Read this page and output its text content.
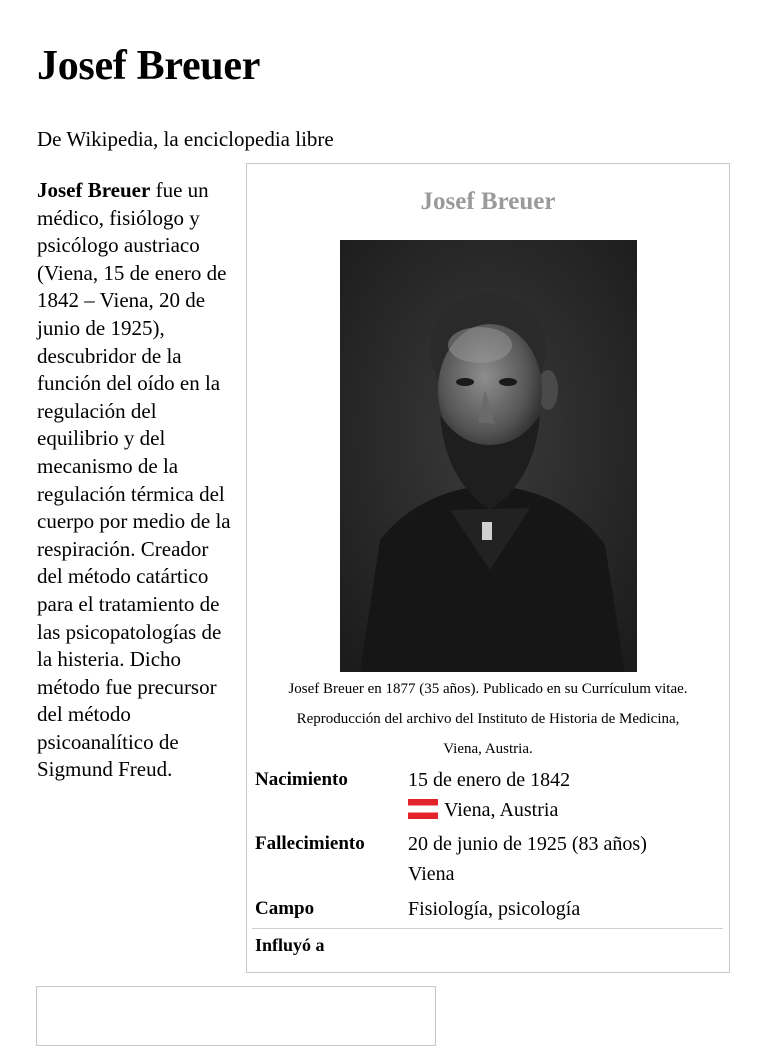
Josef Breuer
De Wikipedia, la enciclopedia libre

Josef Breuer fue un médico, fisiólogo y psicólogo austriaco (Viena, 15 de enero de 1842 – Viena, 20 de junio de 1925), descubridor de la función del oído en la regulación del equilibrio y del mecanismo de la regulación térmica del cuerpo por medio de la respiración. Creador del método catártico para el tratamiento de las psicopatologías de la histeria. Dicho método fue precursor del método psicoanalítico de Sigmund Freud.

Josef Breuer
Josef Breuer en 1877 (35 años). Publicado en su Currículum vitae.
Reproducción del archivo del Instituto de Historia de Medicina,
Viena, Austria.
Nacimiento	15 de enero de 1842
Viena, Austria
Fallecimiento 20 de junio de 1925 (83 años)
Viena
Campo	Fisiología, psicología
Influyó a
